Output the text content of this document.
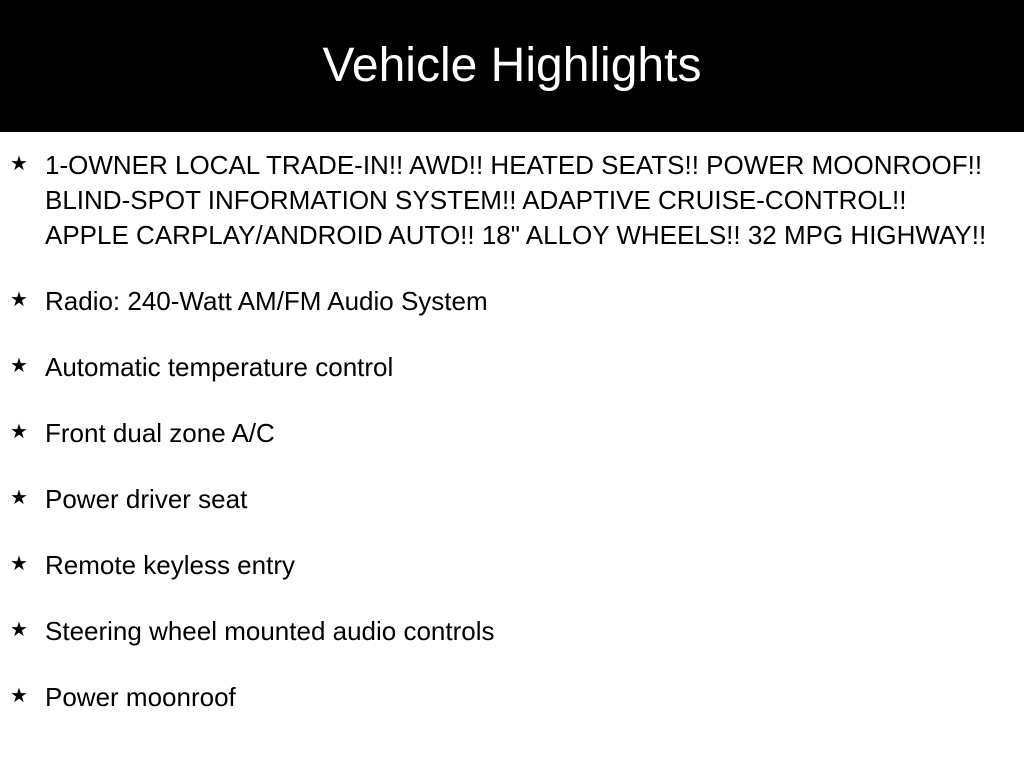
Vehicle Highlights
★ 1-OWNER LOCAL TRADE-IN!! AWD!! HEATED SEATS!! POWER MOONROOF!! BLIND-SPOT INFORMATION SYSTEM!! ADAPTIVE CRUISE-CONTROL!! APPLE CARPLAY/ANDROID AUTO!! 18" ALLOY WHEELS!! 32 MPG HIGHWAY!!
★ Radio: 240-Watt AM/FM Audio System
★ Automatic temperature control
★ Front dual zone A/C
★ Power driver seat
★ Remote keyless entry
★ Steering wheel mounted audio controls
★ Power moonroof
